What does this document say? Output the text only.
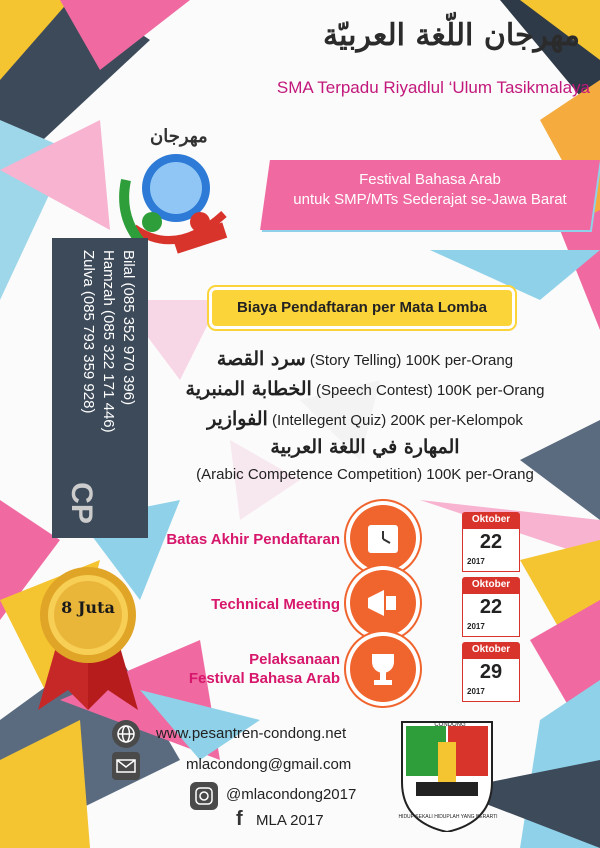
مهرجان اللّغة العربيّة
SMA Terpadu Riyadlul ‘Ulum Tasikmalaya
مهرجان
Festival Bahasa Arab
untuk SMP/MTs Sederajat se-Jawa Barat
Bilal (085 352 970 396)
Hamzah (085 322 171 446)
Zulva (085 793 359 928)
CP
Biaya Pendaftaran per Mata Lomba
سرد القصة (Story Telling) 100K per-Orang
الخطابة المنبرية (Speech Contest) 100K per-Orang
الفوازير (Intellegent Quiz) 200K per-Kelompok
المهارة في اللغة العربية
(Arabic Competence Competition) 100K per-Orang
8 Juta
Batas Akhir Pendaftaran
Oktober
22
2017
Technical Meeting
Oktober
22
2017
Pelaksanaan
Festival Bahasa Arab
Oktober
29
2017
www.pesantren-condong.net
mlacondong@gmail.com
@mlacondong2017
f MLA 2017
CONDONG
HIDUP SEKALI HIDUPLAH YANG BERARTI
